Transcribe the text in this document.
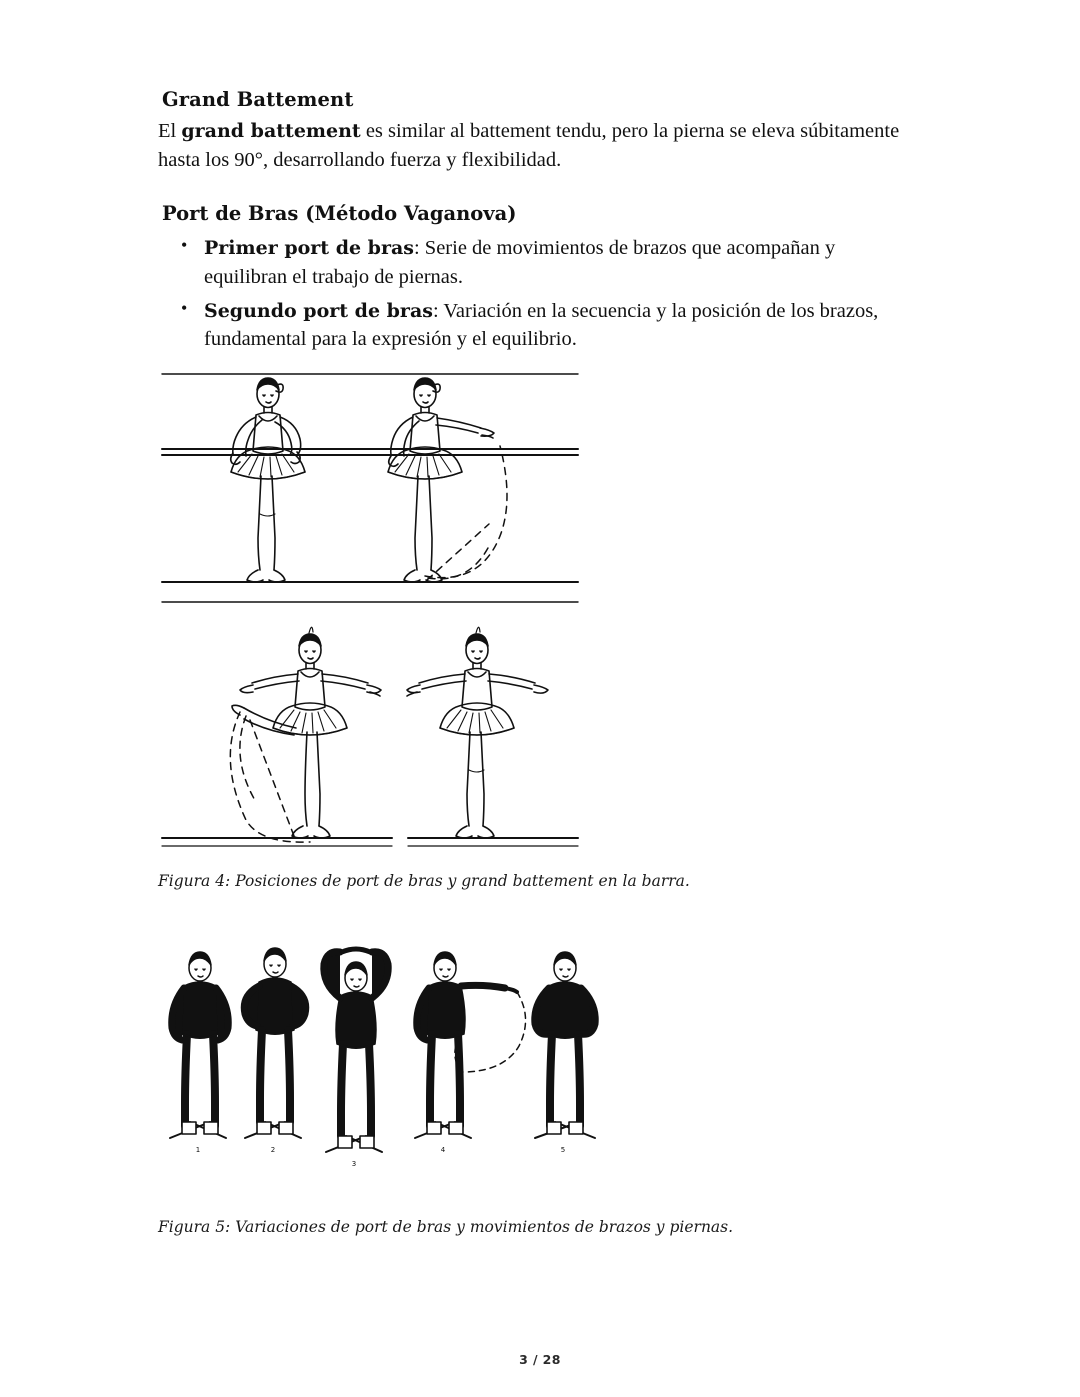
Grand Battement

El grand battement es similar al battement tendu, pero la pierna se eleva súbitamente hasta los 90°, desarrollando fuerza y flexibilidad.

Port de Bras (Método Vaganova)
• Primer port de bras: Serie de movimientos de brazos que acompañan y equilibran el trabajo de piernas.
• Segundo port de bras: Variación en la secuencia y la posición de los brazos, fundamental para la expresión y el equilibrio.

Figura 4: Posiciones de port de bras y grand battement en la barra.

1	2
3
4	5

Figura 5: Variaciones de port de bras y movimientos de brazos y piernas.

3 / 28
